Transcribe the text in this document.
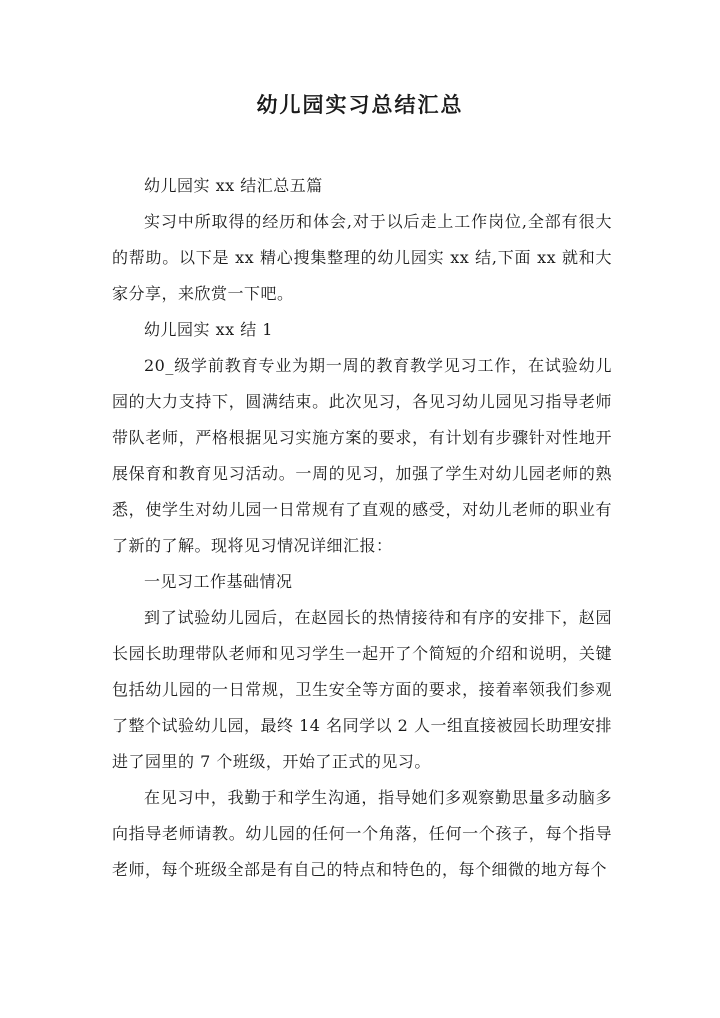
幼儿园实习总结汇总

幼儿园实 xx 结汇总五篇

实习中所取得的经历和体会,对于以后走上工作岗位,全部有很大的帮助。以下是 xx 精心搜集整理的幼儿园实 xx 结,下面 xx 就和大家分享，来欣赏一下吧。

幼儿园实 xx 结 1

20_级学前教育专业为期一周的教育教学见习工作，在试验幼儿园的大力支持下，圆满结束。此次见习，各见习幼儿园见习指导老师带队老师，严格根据见习实施方案的要求，有计划有步骤针对性地开展保育和教育见习活动。一周的见习，加强了学生对幼儿园老师的熟悉，使学生对幼儿园一日常规有了直观的感受，对幼儿老师的职业有了新的了解。现将见习情况详细汇报：

一见习工作基础情况

到了试验幼儿园后，在赵园长的热情接待和有序的安排下，赵园长园长助理带队老师和见习学生一起开了个简短的介绍和说明，关键包括幼儿园的一日常规，卫生安全等方面的要求，接着率领我们参观了整个试验幼儿园，最终 14 名同学以 2 人一组直接被园长助理安排进了园里的 7 个班级，开始了正式的见习。

在见习中，我勤于和学生沟通，指导她们多观察勤思量多动脑多向指导老师请教。幼儿园的任何一个角落，任何一个孩子，每个指导老师，每个班级全部是有自己的特点和特色的，每个细微的地方每个
